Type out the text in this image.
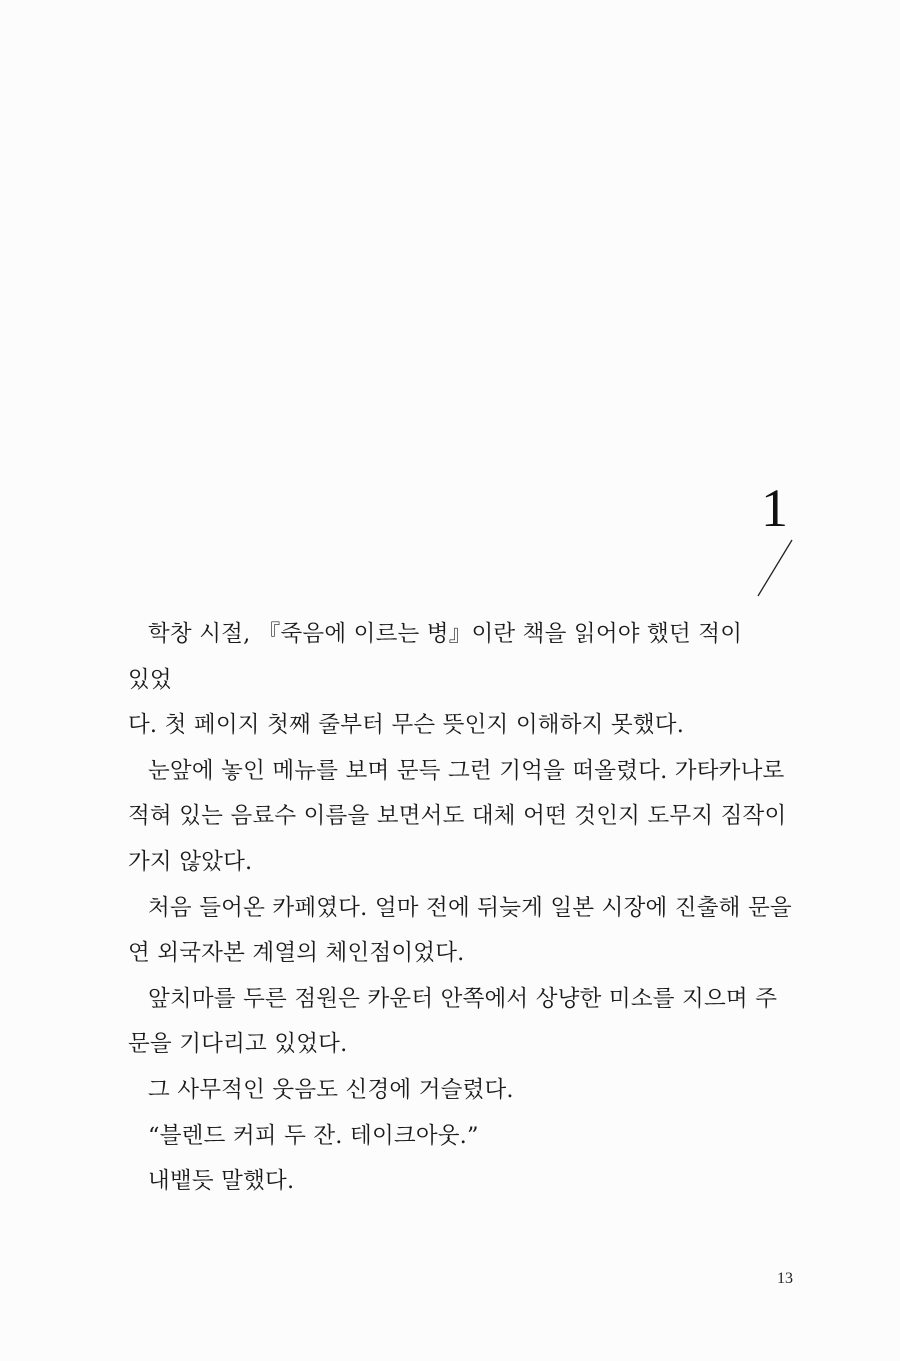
1

학창 시절, 『죽음에 이르는 병』이란 책을 읽어야 했던 적이 있었
다. 첫 페이지 첫째 줄부터 무슨 뜻인지 이해하지 못했다.

눈앞에 놓인 메뉴를 보며 문득 그런 기억을 떠올렸다. 가타카나로
적혀 있는 음료수 이름을 보면서도 대체 어떤 것인지 도무지 짐작이
가지 않았다.

처음 들어온 카페였다. 얼마 전에 뒤늦게 일본 시장에 진출해 문을
연 외국자본 계열의 체인점이었다.

앞치마를 두른 점원은 카운터 안쪽에서 상냥한 미소를 지으며 주
문을 기다리고 있었다.

그 사무적인 웃음도 신경에 거슬렸다.

“블렌드 커피 두 잔. 테이크아웃.”

내뱉듯 말했다.

13
